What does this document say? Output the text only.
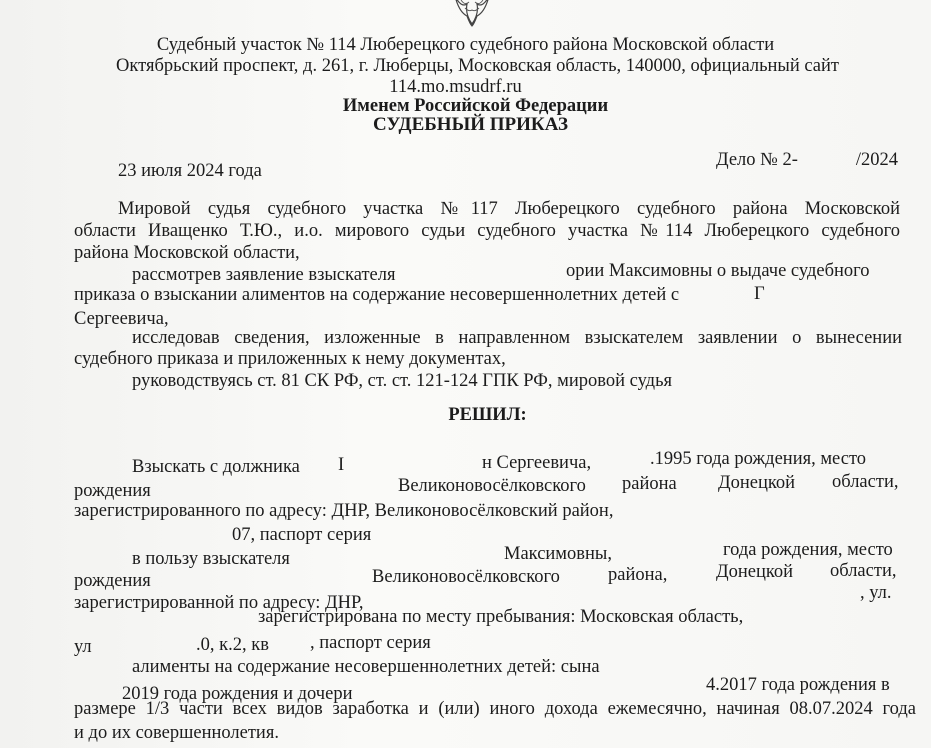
Судебный участок № 114 Люберецкого судебного района Московской области
Октябрьский проспект, д. 261, г. Люберцы, Московская область, 140000, официальный сайт
114.mo.msudrf.ru
Именем Российской Федерации
СУДЕБНЫЙ ПРИКАЗ
23 июля 2024 года
Дело № 2-	/2024
Мировой судья судебного участка №117 Люберецкого судебного района Московской
области Иващенко Т.Ю., и.о. мирового судьи судебного участка №114 Люберецкого судебного
района Московской области,
рассмотрев заявление взыскателя	ории Максимовны о выдаче судебного
приказа о взыскании алиментов на содержание несовершеннолетних детей с	Г
Сергеевича,
исследовав сведения, изложенные в направленном взыскателем заявлении о вынесении
судебного приказа и приложенных к нему документах,
руководствуясь ст. 81 СК РФ, ст. ст. 121-124 ГПК РФ, мировой судья
РЕШИЛ:
Взыскать с должника I	н Сергеевича,	.1995 года рождения, место
рождения	Великоновосёлковского района Донецкой области,
зарегистрированного по адресу: ДНР, Великоновосёлковский район,
07, паспорт серия
в пользу взыскателя	Максимовны,	года рождения, место
рождения	Великоновосёлковского	района,	Донецкой области,
зарегистрированной по адресу: ДНР,	, ул.
зарегистрирована по месту пребывания: Московская область,
ул	.0, к.2, кв , паспорт серия
алименты на содержание несовершеннолетних детей: сына
2019 года рождения и дочери	4.2017 года рождения в
размере 1/3 части всех видов заработка и (или) иного дохода ежемесячно, начиная 08.07.2024 года
и до их совершеннолетия.
